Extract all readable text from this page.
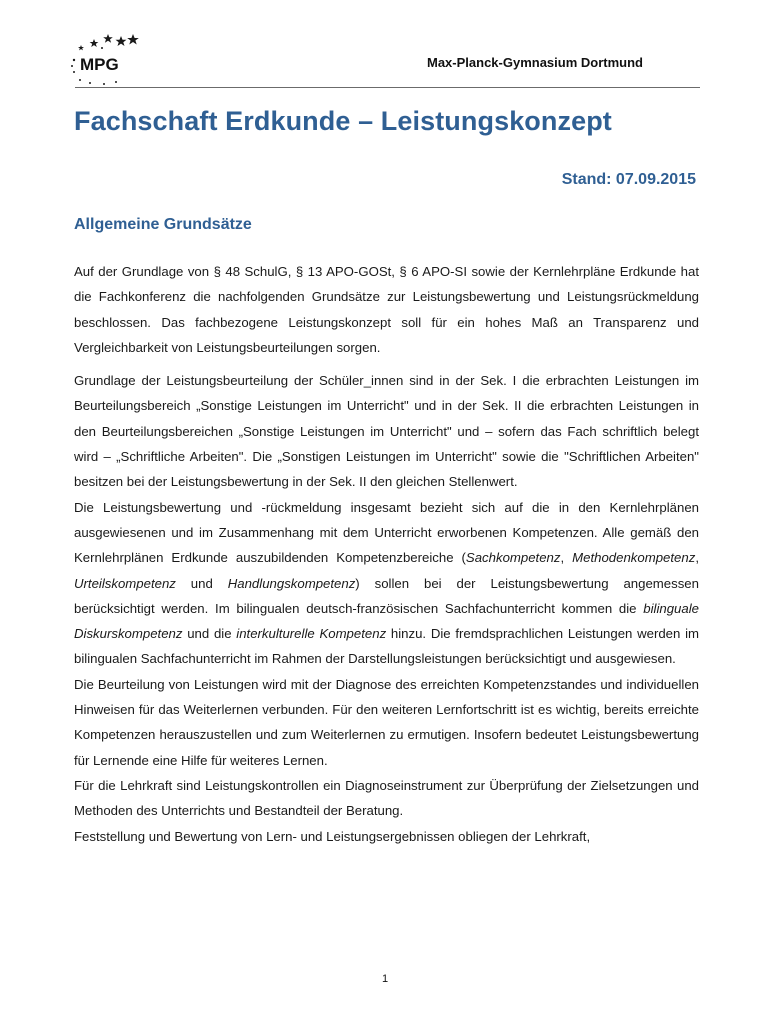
MPG	Max-Planck-Gymnasium Dortmund
Fachschaft Erdkunde – Leistungskonzept
Stand: 07.09.2015
Allgemeine Grundsätze

Auf der Grundlage von § 48 SchulG, § 13 APO-GOSt, § 6 APO-SI sowie der Kernlehrpläne Erdkunde hat die Fachkonferenz die nachfolgenden Grundsätze zur Leistungsbewertung und Leistungsrückmeldung beschlossen. Das fachbezogene Leistungskonzept soll für ein hohes Maß an Transparenz und Vergleichbarkeit von Leistungsbeurteilungen sorgen.

Grundlage der Leistungsbeurteilung der Schüler_innen sind in der Sek. I die erbrachten Leistungen im Beurteilungsbereich „Sonstige Leistungen im Unterricht" und in der Sek. II die erbrachten Leistungen in den Beurteilungsbereichen „Sonstige Leistungen im Unterricht" und – sofern das Fach schriftlich belegt wird – „Schriftliche Arbeiten". Die „Sonstigen Leistungen im Unterricht" sowie die "Schriftlichen Arbeiten" besitzen bei der Leistungsbewertung in der Sek. II den gleichen Stellenwert.

Die Leistungsbewertung und -rückmeldung insgesamt bezieht sich auf die in den Kernlehrplänen ausgewiesenen und im Zusammenhang mit dem Unterricht erworbenen Kompetenzen. Alle gemäß den Kernlehrplänen Erdkunde auszubildenden Kompetenzbereiche (Sachkompetenz, Methodenkompetenz, Urteilskompetenz und Handlungskompetenz) sollen bei der Leistungsbewertung angemessen berücksichtigt werden. Im bilingualen deutsch-französischen Sachfachunterricht kommen die bilinguale Diskurskompetenz und die interkulturelle Kompetenz hinzu. Die fremdsprachlichen Leistungen werden im bilingualen Sachfachunterricht im Rahmen der Darstellungsleistungen berücksichtigt und ausgewiesen.

Die Beurteilung von Leistungen wird mit der Diagnose des erreichten Kompetenzstandes und individuellen Hinweisen für das Weiterlernen verbunden. Für den weiteren Lernfortschritt ist es wichtig, bereits erreichte Kompetenzen herauszustellen und zum Weiterlernen zu ermutigen. Insofern bedeutet Leistungsbewertung für Lernende eine Hilfe für weiteres Lernen.

Für die Lehrkraft sind Leistungskontrollen ein Diagnoseinstrument zur Überprüfung der Zielsetzungen und Methoden des Unterrichts und Bestandteil der Beratung.

Feststellung und Bewertung von Lern- und Leistungsergebnissen obliegen der Lehrkraft,

1
